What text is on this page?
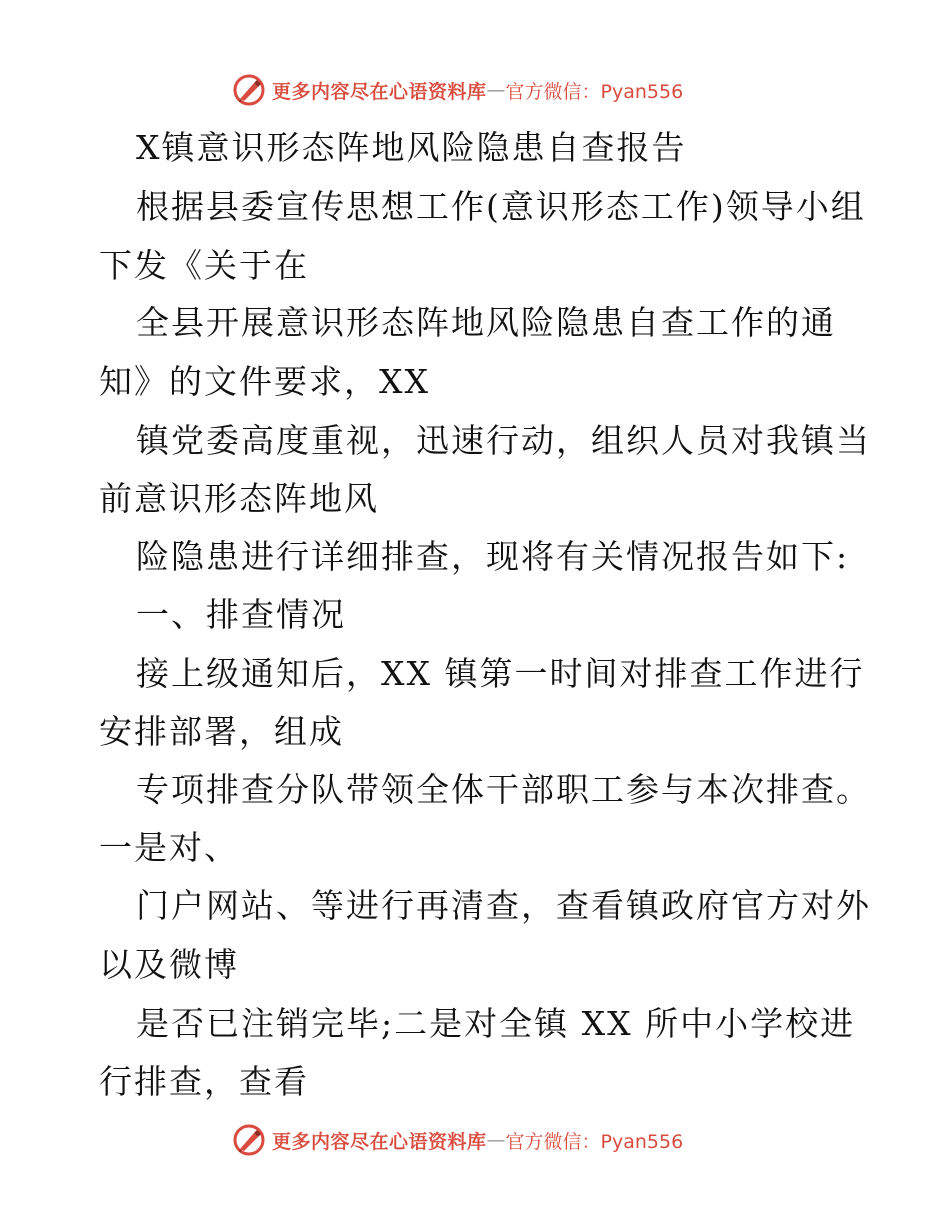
更多内容尽在心语资料库 — 官方微信：Pyan556
X镇意识形态阵地风险隐患自查报告
根据县委宣传思想工作(意识形态工作)领导小组
下发《关于在
全县开展意识形态阵地风险隐患自查工作的通
知》的文件要求，XX
镇党委高度重视，迅速行动，组织人员对我镇当
前意识形态阵地风
险隐患进行详细排查，现将有关情况报告如下:
一、排查情况
接上级通知后，XX 镇第一时间对排查工作进行
安排部署，组成
专项排查分队带领全体干部职工参与本次排查。
一是对、
门户网站、等进行再清查，查看镇政府官方对外
以及微博
是否已注销完毕;二是对全镇 XX 所中小学校进
行排查，查看
更多内容尽在心语资料库 — 官方微信：Pyan556
